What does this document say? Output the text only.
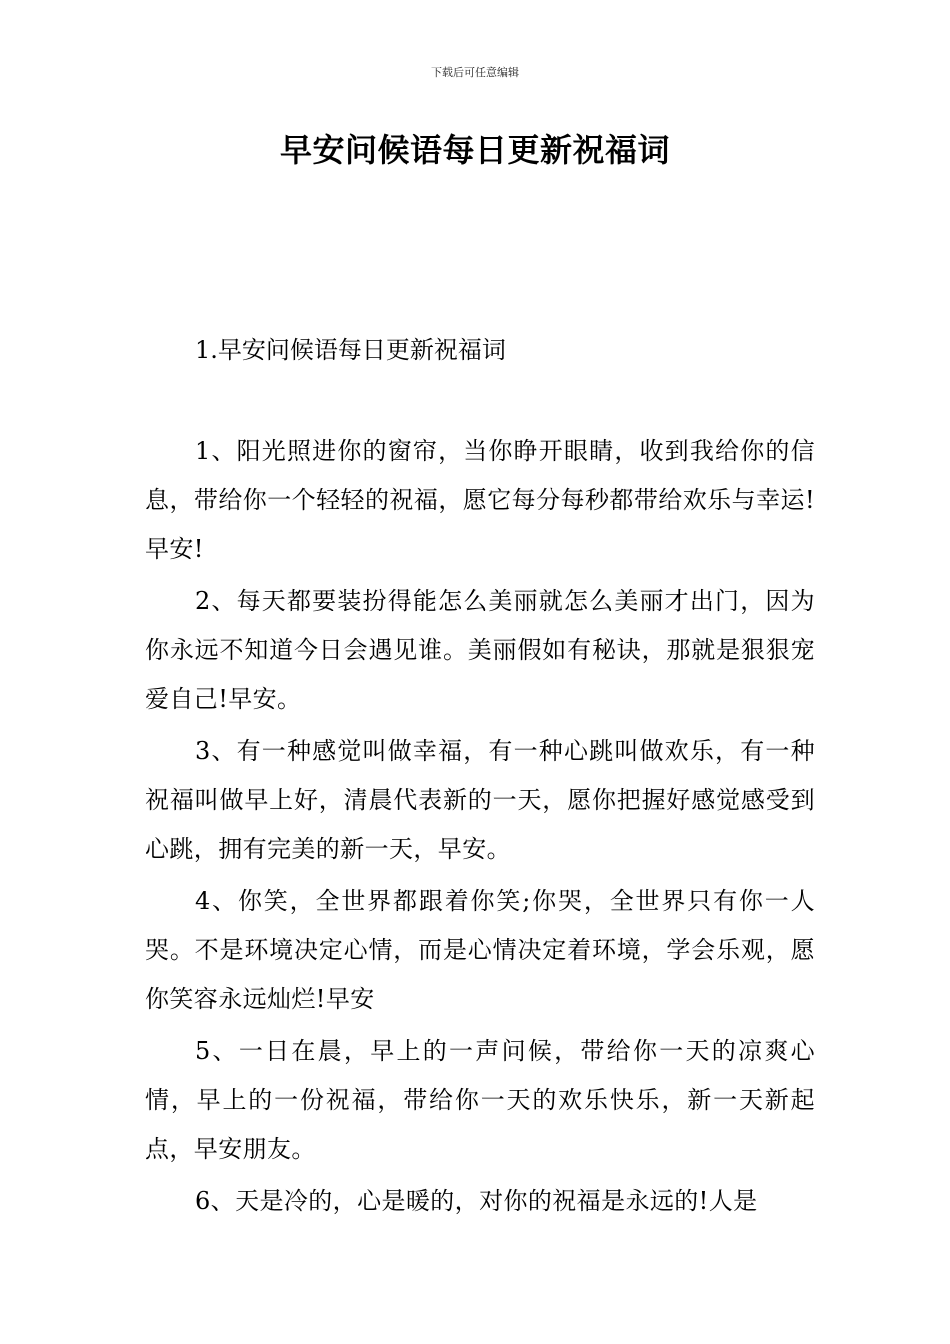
下载后可任意编辑
早安问候语每日更新祝福词
1.早安问候语每日更新祝福词

1、阳光照进你的窗帘，当你睁开眼睛，收到我给你的信息，带给你一个轻轻的祝福，愿它每分每秒都带给欢乐与幸运!早安!

2、每天都要装扮得能怎么美丽就怎么美丽才出门，因为你永远不知道今日会遇见谁。美丽假如有秘诀，那就是狠狠宠爱自己!早安。

3、有一种感觉叫做幸福，有一种心跳叫做欢乐，有一种祝福叫做早上好，清晨代表新的一天，愿你把握好感觉感受到心跳，拥有完美的新一天，早安。

4、你笑，全世界都跟着你笑;你哭，全世界只有你一人哭。不是环境决定心情，而是心情决定着环境，学会乐观，愿你笑容永远灿烂!早安

5、一日在晨，早上的一声问候，带给你一天的凉爽心情，早上的一份祝福，带给你一天的欢乐快乐，新一天新起点，早安朋友。

6、天是冷的，心是暖的，对你的祝福是永远的!人是
